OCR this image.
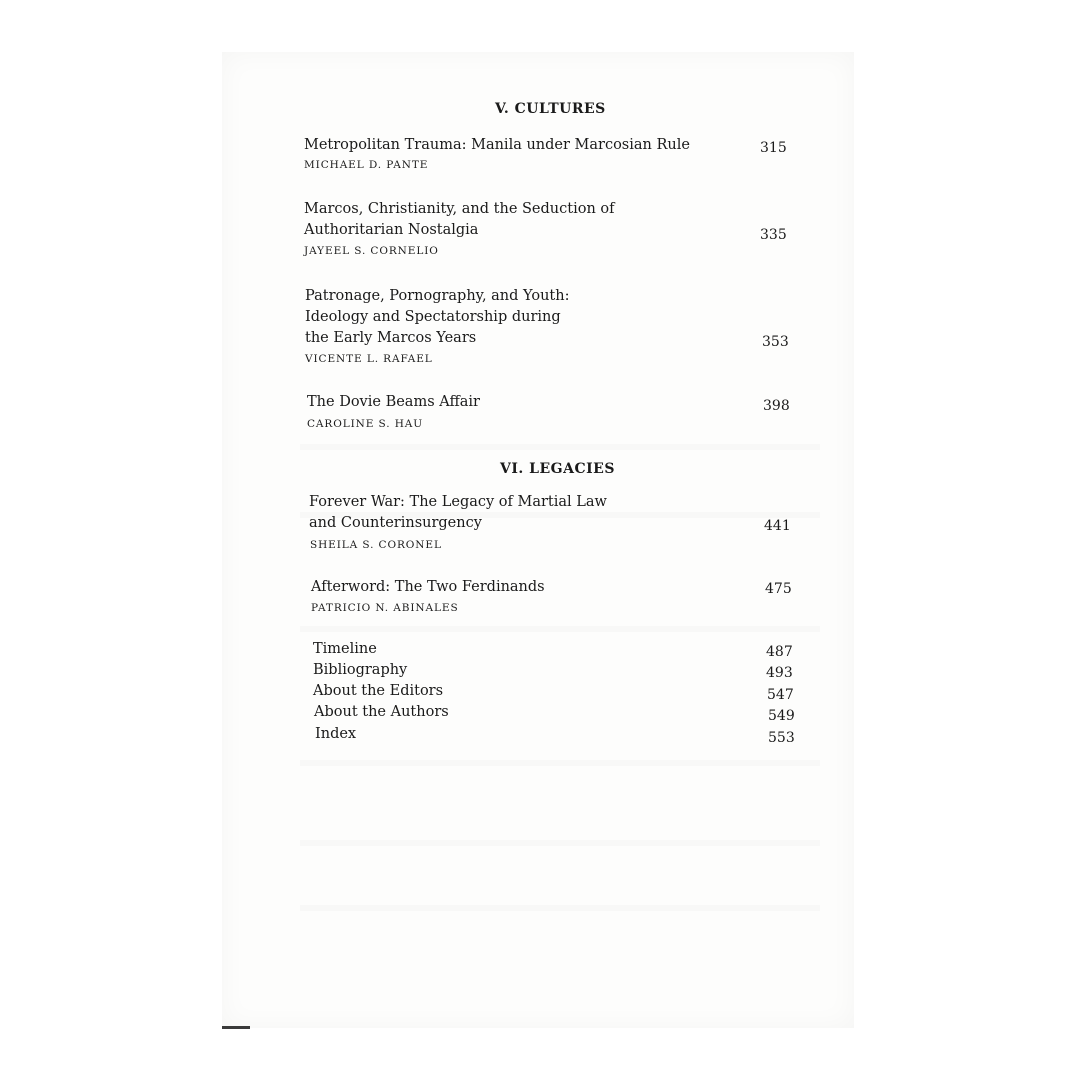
V. CULTURES
Metropolitan Trauma: Manila under Marcosian Rule
MICHAEL D. PANTE
315
Marcos, Christianity, and the Seduction of
Authoritarian Nostalgia
JAYEEL S. CORNELIO
335
Patronage, Pornography, and Youth:
Ideology and Spectatorship during
the Early Marcos Years
VICENTE L. RAFAEL
353
The Dovie Beams Affair
CAROLINE S. HAU
398
VI. LEGACIES
Forever War: The Legacy of Martial Law
and Counterinsurgency
SHEILA S. CORONEL
441
Afterword: The Two Ferdinands
PATRICIO N. ABINALES
475
Timeline	487
Bibliography	493
About the Editors	547
About the Authors	549
Index	553
